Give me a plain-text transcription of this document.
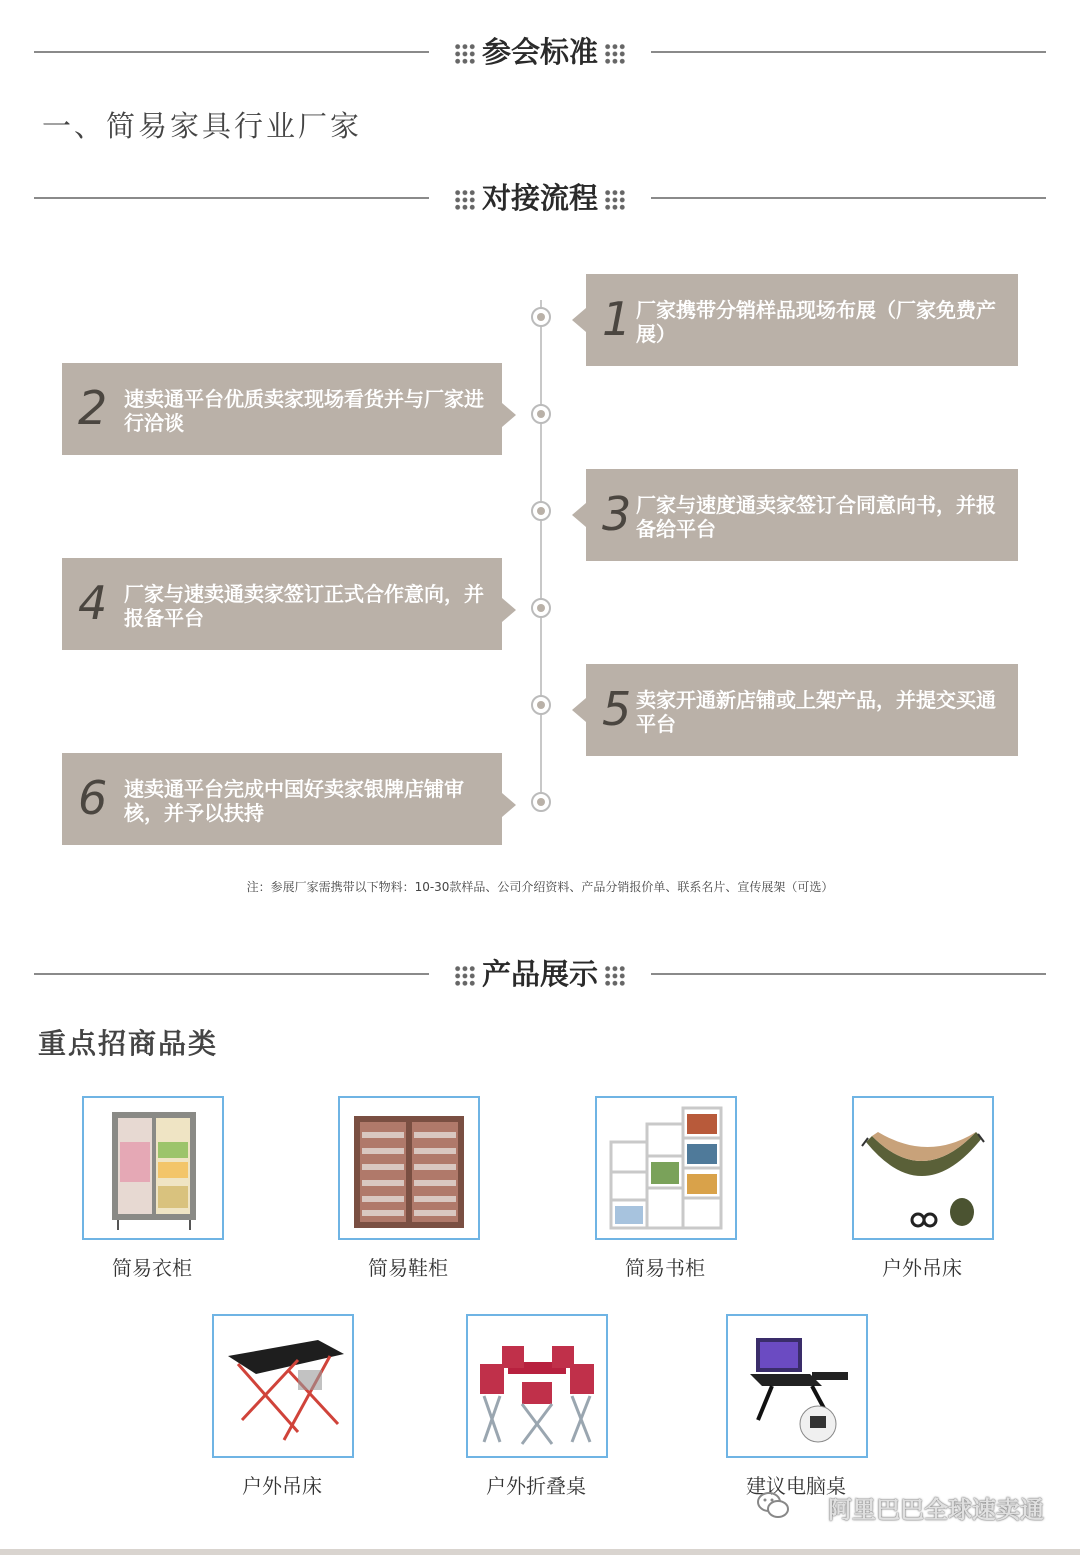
参会标准
一、简易家具行业厂家
对接流程
1 厂家携带分销样品现场布展（厂家免费产展）
2 速卖通平台优质卖家现场看货并与厂家进行洽谈
3 厂家与速度通卖家签订合同意向书，并报备给平台
4 厂家与速卖通卖家签订正式合作意向，并报备平台
5 卖家开通新店铺或上架产品，并提交买通平台
6 速卖通平台完成中国好卖家银牌店铺审核，并予以扶持
注：参展厂家需携带以下物料：10-30款样品、公司介绍资料、产品分销报价单、联系名片、宣传展架（可选）
产品展示
重点招商品类
简易衣柜	简易鞋柜	简易书柜	户外吊床
户外吊床	户外折叠桌	建议电脑桌
阿里巴巴全球速卖通
